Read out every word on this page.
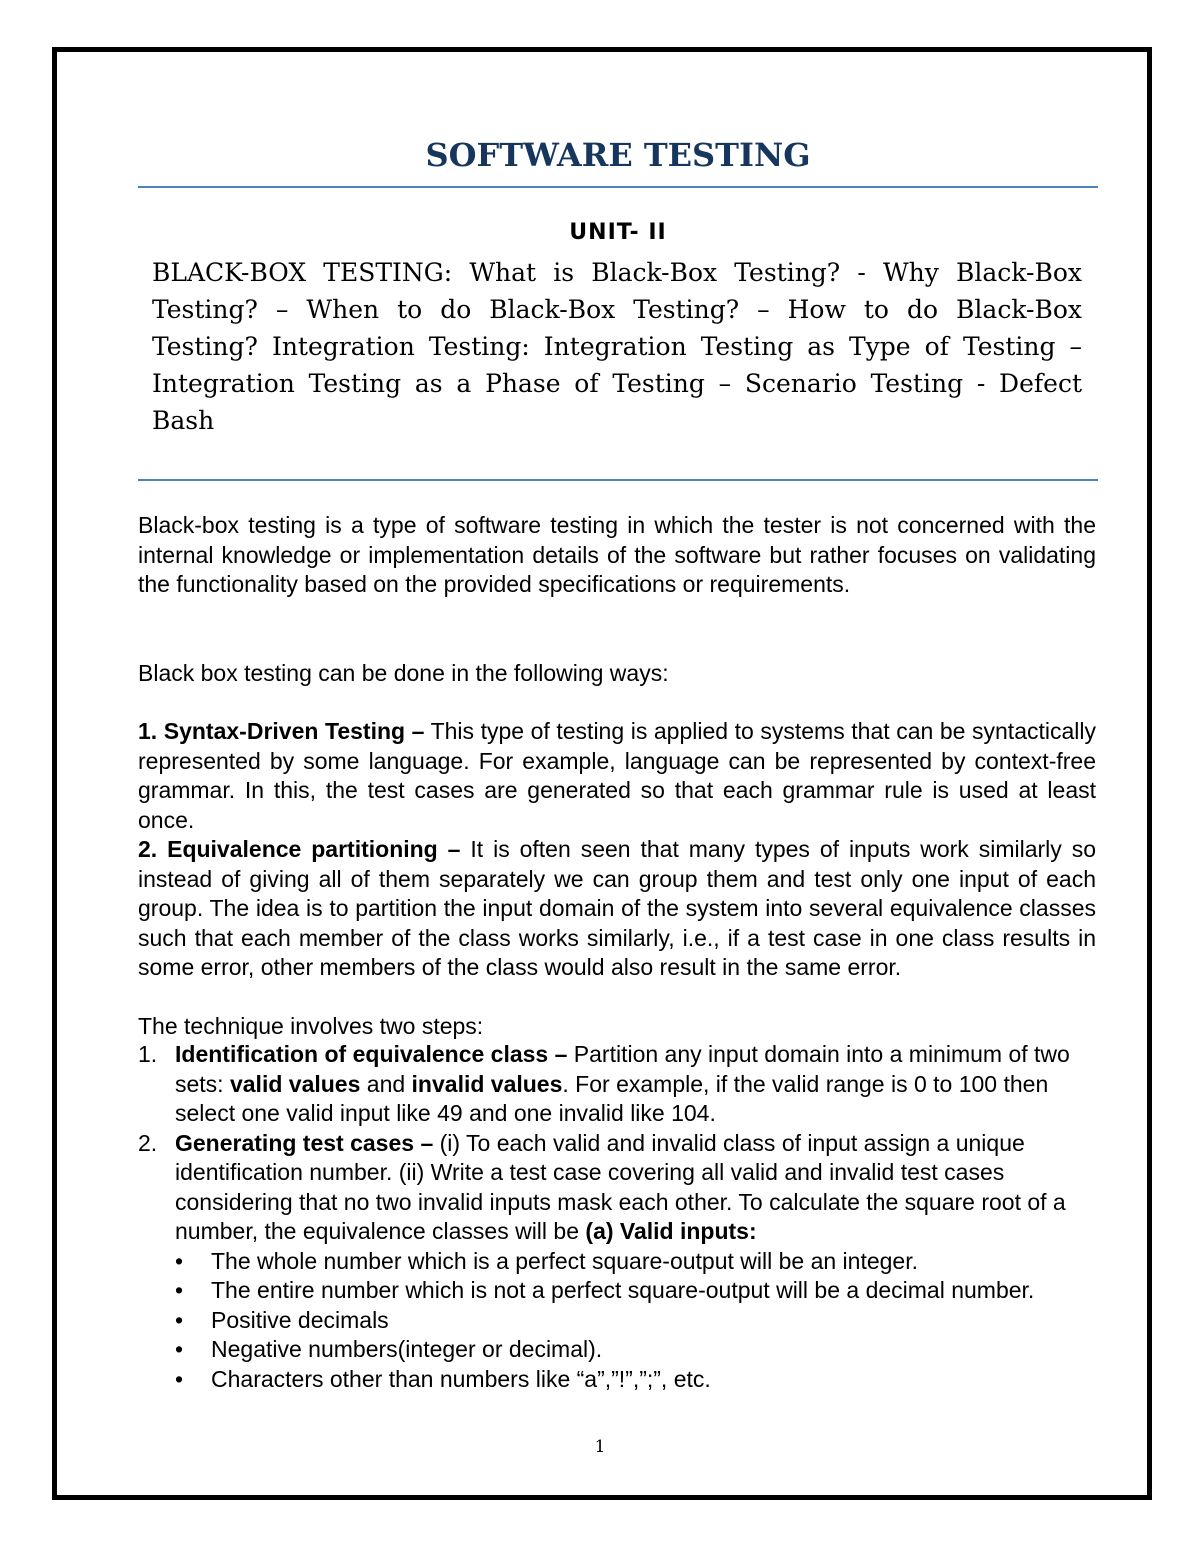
SOFTWARE TESTING
UNIT- II

BLACK-BOX TESTING: What is Black-Box Testing? - Why Black-Box Testing? – When to do Black-Box Testing? – How to do Black-Box Testing? Integration Testing: Integration Testing as Type of Testing – Integration Testing as a Phase of Testing – Scenario Testing - Defect Bash

Black-box testing is a type of software testing in which the tester is not concerned with the internal knowledge or implementation details of the software but rather focuses on validating the functionality based on the provided specifications or requirements.

Black box testing can be done in the following ways:

1. Syntax-Driven Testing – This type of testing is applied to systems that can be syntactically represented by some language. For example, language can be represented by context-free grammar. In this, the test cases are generated so that each grammar rule is used at least once.

2. Equivalence partitioning – It is often seen that many types of inputs work similarly so instead of giving all of them separately we can group them and test only one input of each group. The idea is to partition the input domain of the system into several equivalence classes such that each member of the class works similarly, i.e., if a test case in one class results in some error, other members of the class would also result in the same error.

The technique involves two steps:

1. Identification of equivalence class – Partition any input domain into a minimum of two sets: valid values and invalid values. For example, if the valid range is 0 to 100 then select one valid input like 49 and one invalid like 104.
2. Generating test cases – (i) To each valid and invalid class of input assign a unique identification number. (ii) Write a test case covering all valid and invalid test cases considering that no two invalid inputs mask each other. To calculate the square root of a number, the equivalence classes will be (a) Valid inputs:
•	The whole number which is a perfect square-output will be an integer.
•	The entire number which is not a perfect square-output will be a decimal number.
•	Positive decimals
•	Negative numbers(integer or decimal).
•	Characters other than numbers like “a”,”!”,”;”, etc.
1
